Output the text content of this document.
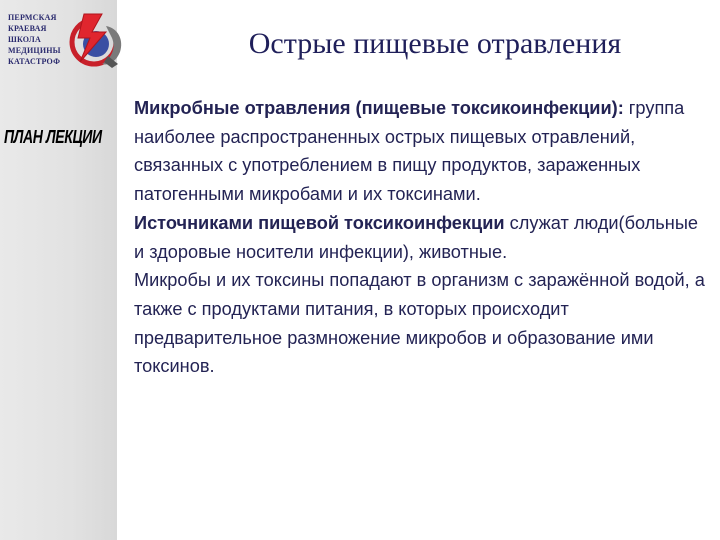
ПЕРМСКАЯ
КРАЕВАЯ
ШКОЛА
МЕДИЦИНЫ
КАТАСТРОФ
ПЛАН ЛЕКЦИИ
Острые пищевые отравления

Микробные отравления (пищевые токсикоинфекции): группа наиболее распространенных острых пищевых отравлений, связанных с употреблением в пищу продуктов, зараженных патогенными микробами и их токсинами.

Источниками пищевой токсикоинфекции служат люди(больные и здоровые носители инфекции), животные.

Микробы и их токсины попадают в организм с заражённой водой, а также с продуктами питания, в которых происходит предварительное размножение микробов и образование ими токсинов.
